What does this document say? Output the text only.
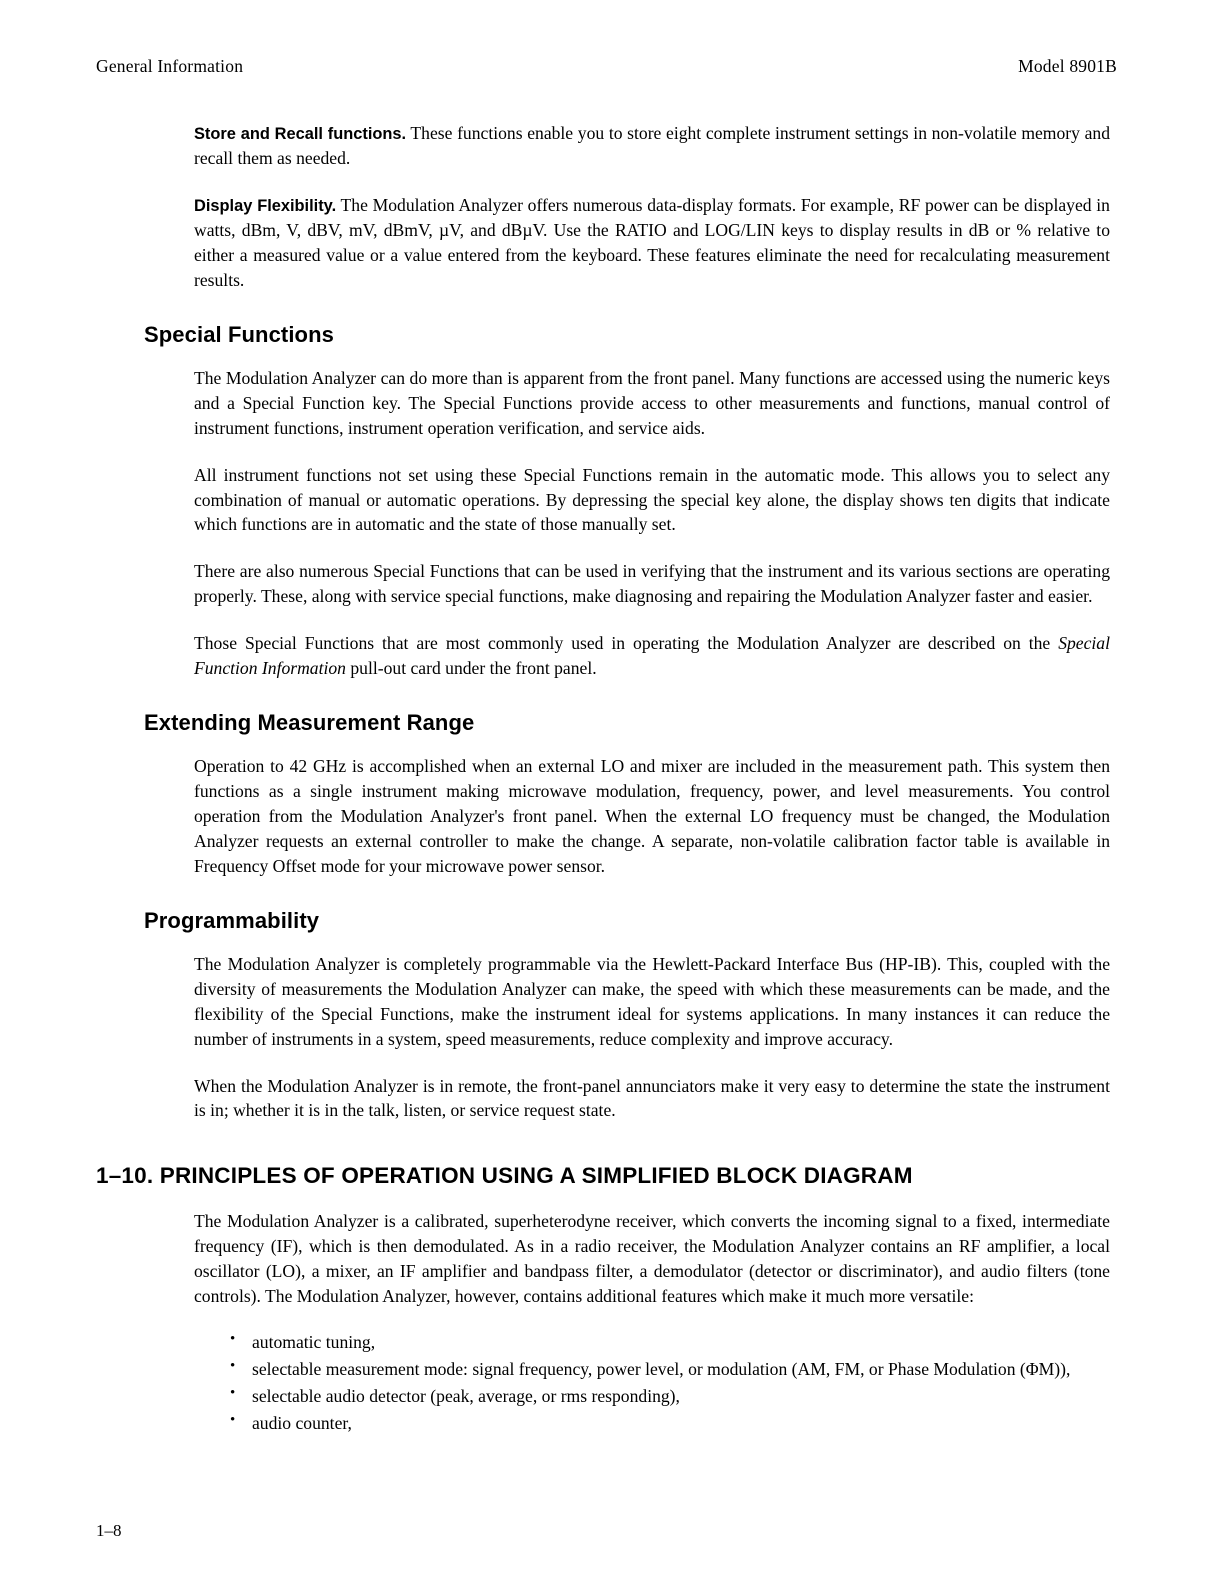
General Information	Model 8901B

Store and Recall functions. These functions enable you to store eight complete instrument settings in non-volatile memory and recall them as needed.

Display Flexibility. The Modulation Analyzer offers numerous data-display formats. For example, RF power can be displayed in watts, dBm, V, dBV, mV, dBmV, µV, and dBµV. Use the RATIO and LOG/LIN keys to display results in dB or % relative to either a measured value or a value entered from the keyboard. These features eliminate the need for recalculating measurement results.

Special Functions

The Modulation Analyzer can do more than is apparent from the front panel. Many functions are accessed using the numeric keys and a Special Function key. The Special Functions provide access to other measurements and functions, manual control of instrument functions, instrument operation verification, and service aids.

All instrument functions not set using these Special Functions remain in the automatic mode. This allows you to select any combination of manual or automatic operations. By depressing the special key alone, the display shows ten digits that indicate which functions are in automatic and the state of those manually set.

There are also numerous Special Functions that can be used in verifying that the instrument and its various sections are operating properly. These, along with service special functions, make diagnosing and repairing the Modulation Analyzer faster and easier.

Those Special Functions that are most commonly used in operating the Modulation Analyzer are described on the Special Function Information pull-out card under the front panel.

Extending Measurement Range

Operation to 42 GHz is accomplished when an external LO and mixer are included in the measurement path. This system then functions as a single instrument making microwave modulation, frequency, power, and level measurements. You control operation from the Modulation Analyzer's front panel. When the external LO frequency must be changed, the Modulation Analyzer requests an external controller to make the change. A separate, non-volatile calibration factor table is available in Frequency Offset mode for your microwave power sensor.

Programmability

The Modulation Analyzer is completely programmable via the Hewlett-Packard Interface Bus (HP-IB). This, coupled with the diversity of measurements the Modulation Analyzer can make, the speed with which these measurements can be made, and the flexibility of the Special Functions, make the instrument ideal for systems applications. In many instances it can reduce the number of instruments in a system, speed measurements, reduce complexity and improve accuracy.

When the Modulation Analyzer is in remote, the front-panel annunciators make it very easy to determine the state the instrument is in; whether it is in the talk, listen, or service request state.

1–10. PRINCIPLES OF OPERATION USING A SIMPLIFIED BLOCK DIAGRAM

The Modulation Analyzer is a calibrated, superheterodyne receiver, which converts the incoming signal to a fixed, intermediate frequency (IF), which is then demodulated. As in a radio receiver, the Modulation Analyzer contains an RF amplifier, a local oscillator (LO), a mixer, an IF amplifier and bandpass filter, a demodulator (detector or discriminator), and audio filters (tone controls). The Modulation Analyzer, however, contains additional features which make it much more versatile:

• automatic tuning,
• selectable measurement mode: signal frequency, power level, or modulation (AM, FM, or Phase Modulation (ΦM)),
• selectable audio detector (peak, average, or rms responding),
• audio counter,
1–8
